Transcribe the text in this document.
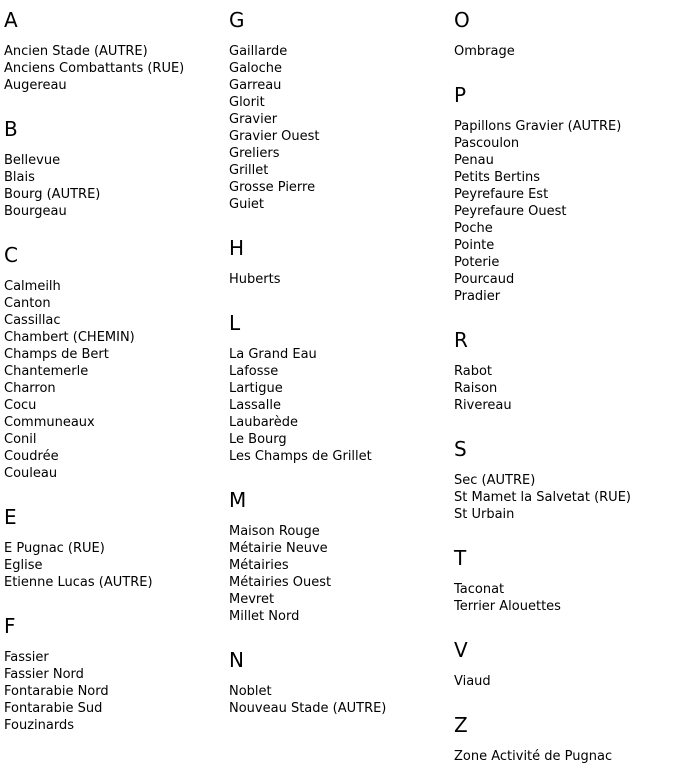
A
Ancien Stade (AUTRE)
Anciens Combattants (RUE)
Augereau
B
Bellevue
Blais
Bourg (AUTRE)
Bourgeau
C
Calmeilh
Canton
Cassillac
Chambert (CHEMIN)
Champs de Bert
Chantemerle
Charron
Cocu
Communeaux
Conil
Coudrée
Couleau
E
E Pugnac (RUE)
Eglise
Etienne Lucas (AUTRE)
F
Fassier
Fassier Nord
Fontarabie Nord
Fontarabie Sud
Fouzinards
G
Gaillarde
Galoche
Garreau
Glorit
Gravier
Gravier Ouest
Greliers
Grillet
Grosse Pierre
Guiet
H
Huberts
L
La Grand Eau
Lafosse
Lartigue
Lassalle
Laubarède
Le Bourg
Les Champs de Grillet
M
Maison Rouge
Métairie Neuve
Métairies
Métairies Ouest
Mevret
Millet Nord
N
Noblet
Nouveau Stade (AUTRE)
O
Ombrage
P
Papillons Gravier (AUTRE)
Pascoulon
Penau
Petits Bertins
Peyrefaure Est
Peyrefaure Ouest
Poche
Pointe
Poterie
Pourcaud
Pradier
R
Rabot
Raison
Rivereau
S
Sec (AUTRE)
St Mamet la Salvetat (RUE)
St Urbain
T
Taconat
Terrier Alouettes
V
Viaud
Z
Zone Activité de Pugnac
